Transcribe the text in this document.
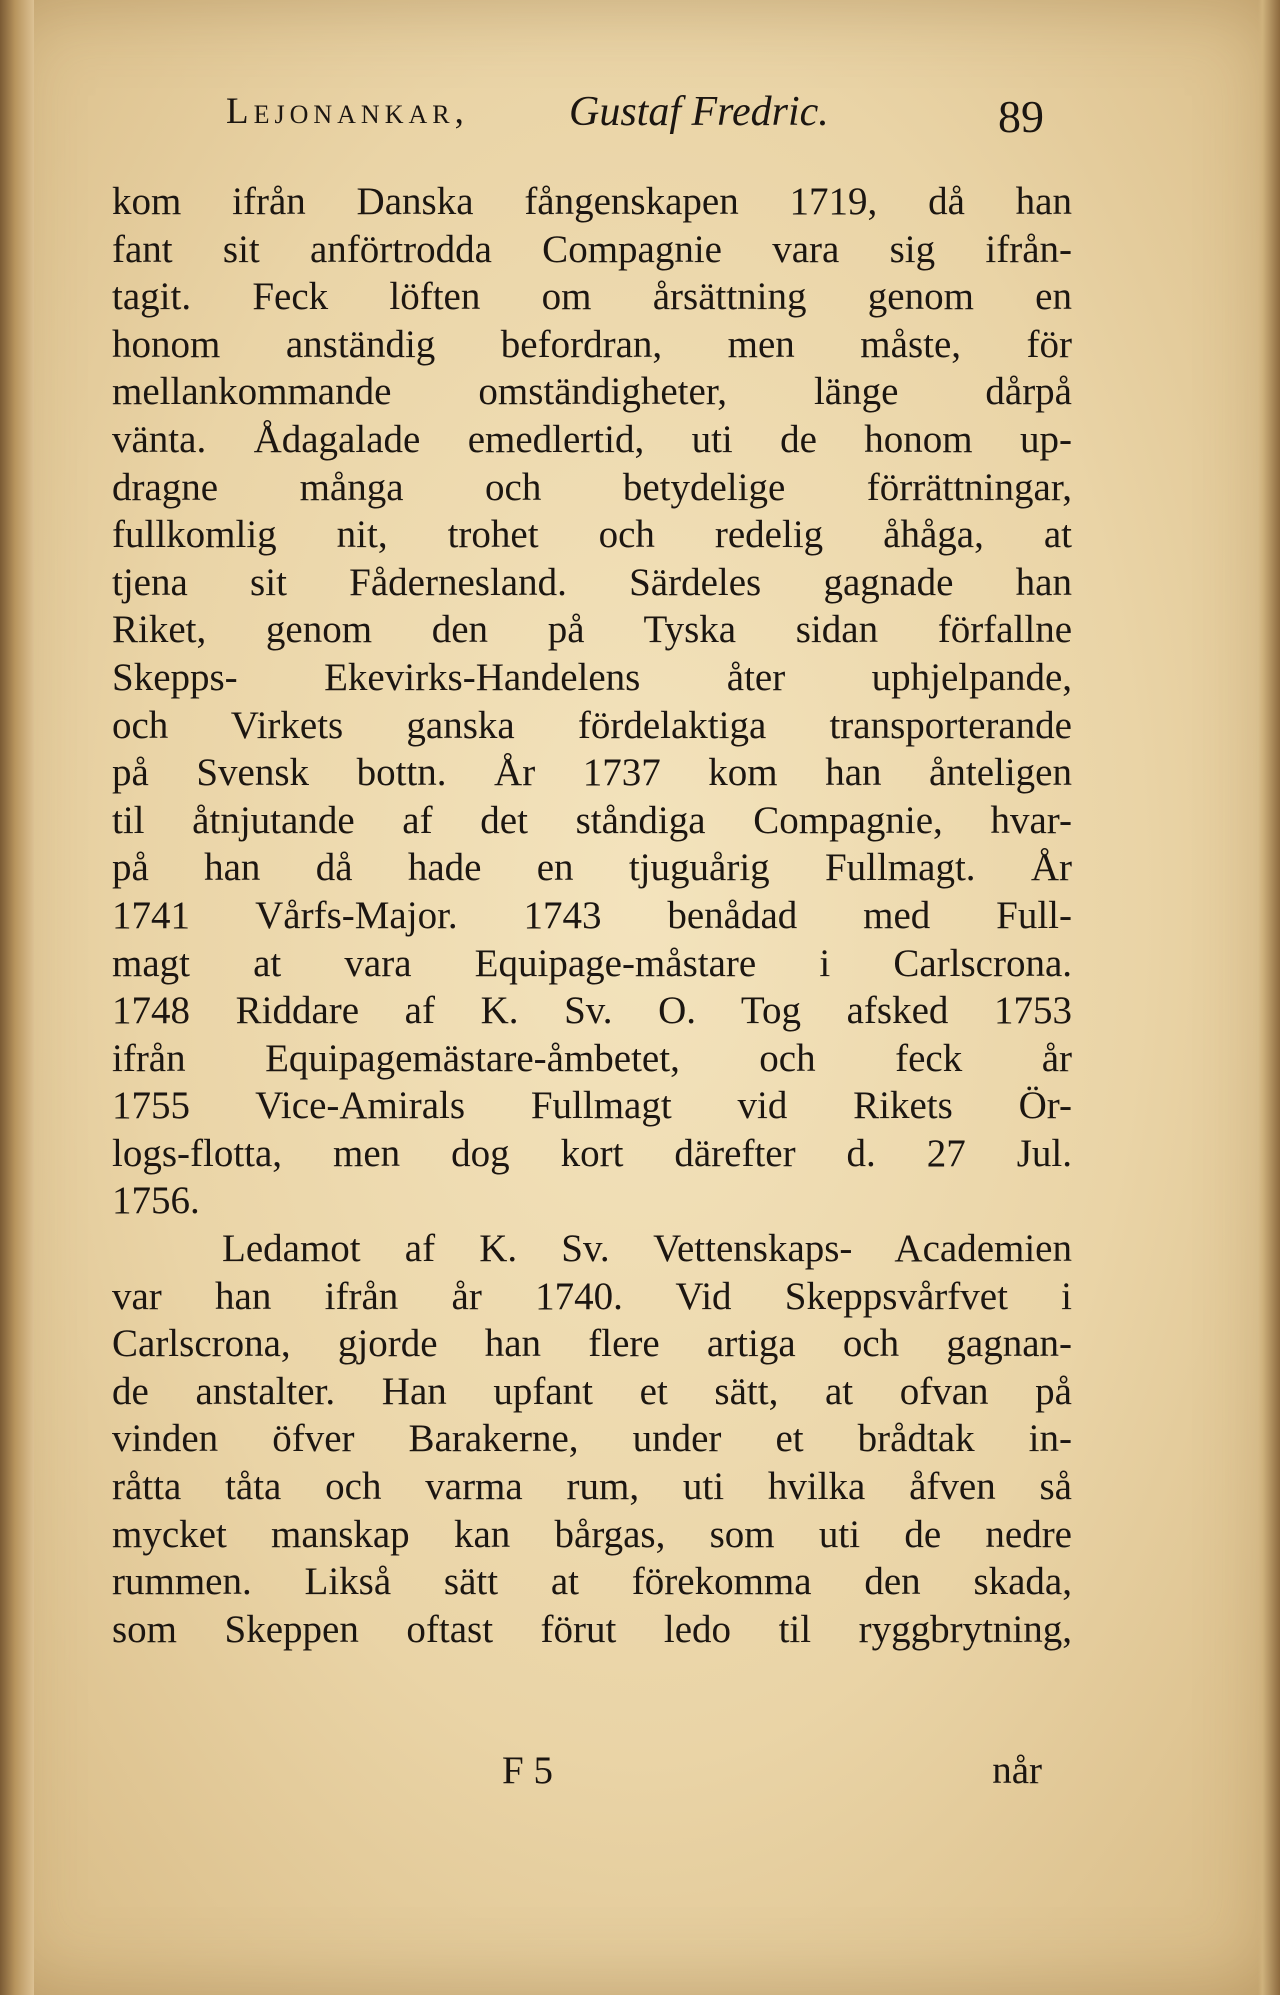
Lejonankar, Gustaf Fredric.	89
kom ifrån Danska fångenskapen 1719, då han
fant sit anförtrodda Compagnie vara sig ifrån-
tagit. Feck löften om årsättning genom en
honom anständig befordran, men måste, för
mellankommande omständigheter, länge dårpå
vänta. Ådagalade emedlertid, uti de honom up-
dragne många och betydelige förrättningar,
fullkomlig nit, trohet och redelig åhåga, at
tjena sit Fådernesland. Särdeles gagnade han
Riket, genom den på Tyska sidan förfallne
Skepps- Ekevirks-Handelens åter uphjelpande,
och Virkets ganska fördelaktiga transporterande
på Svensk bottn. År 1737 kom han ånteligen
til åtnjutande af det ståndiga Compagnie, hvar-
på han då hade en tjuguårig Fullmagt. År
1741 Vårfs-Major. 1743 benådad med Full-
magt at vara Equipage-måstare i Carlscrona.
1748 Riddare af K. Sv. O. Tog afsked 1753
ifrån Equipagemästare-åmbetet, och feck år
1755 Vice-Amirals Fullmagt vid Rikets Ör-
logs-flotta, men dog kort därefter d. 27 Jul.
1756.
Ledamot af K. Sv. Vettenskaps- Academien
var han ifrån år 1740. Vid Skeppsvårfvet i
Carlscrona, gjorde han flere artiga och gagnan-
de anstalter. Han upfant et sätt, at ofvan på
vinden öfver Barakerne, under et brådtak in-
råtta tåta och varma rum, uti hvilka åfven så
mycket manskap kan bårgas, som uti de nedre
rummen. Likså sätt at förekomma den skada,
som Skeppen oftast förut ledo til ryggbrytning,
F 5	når
